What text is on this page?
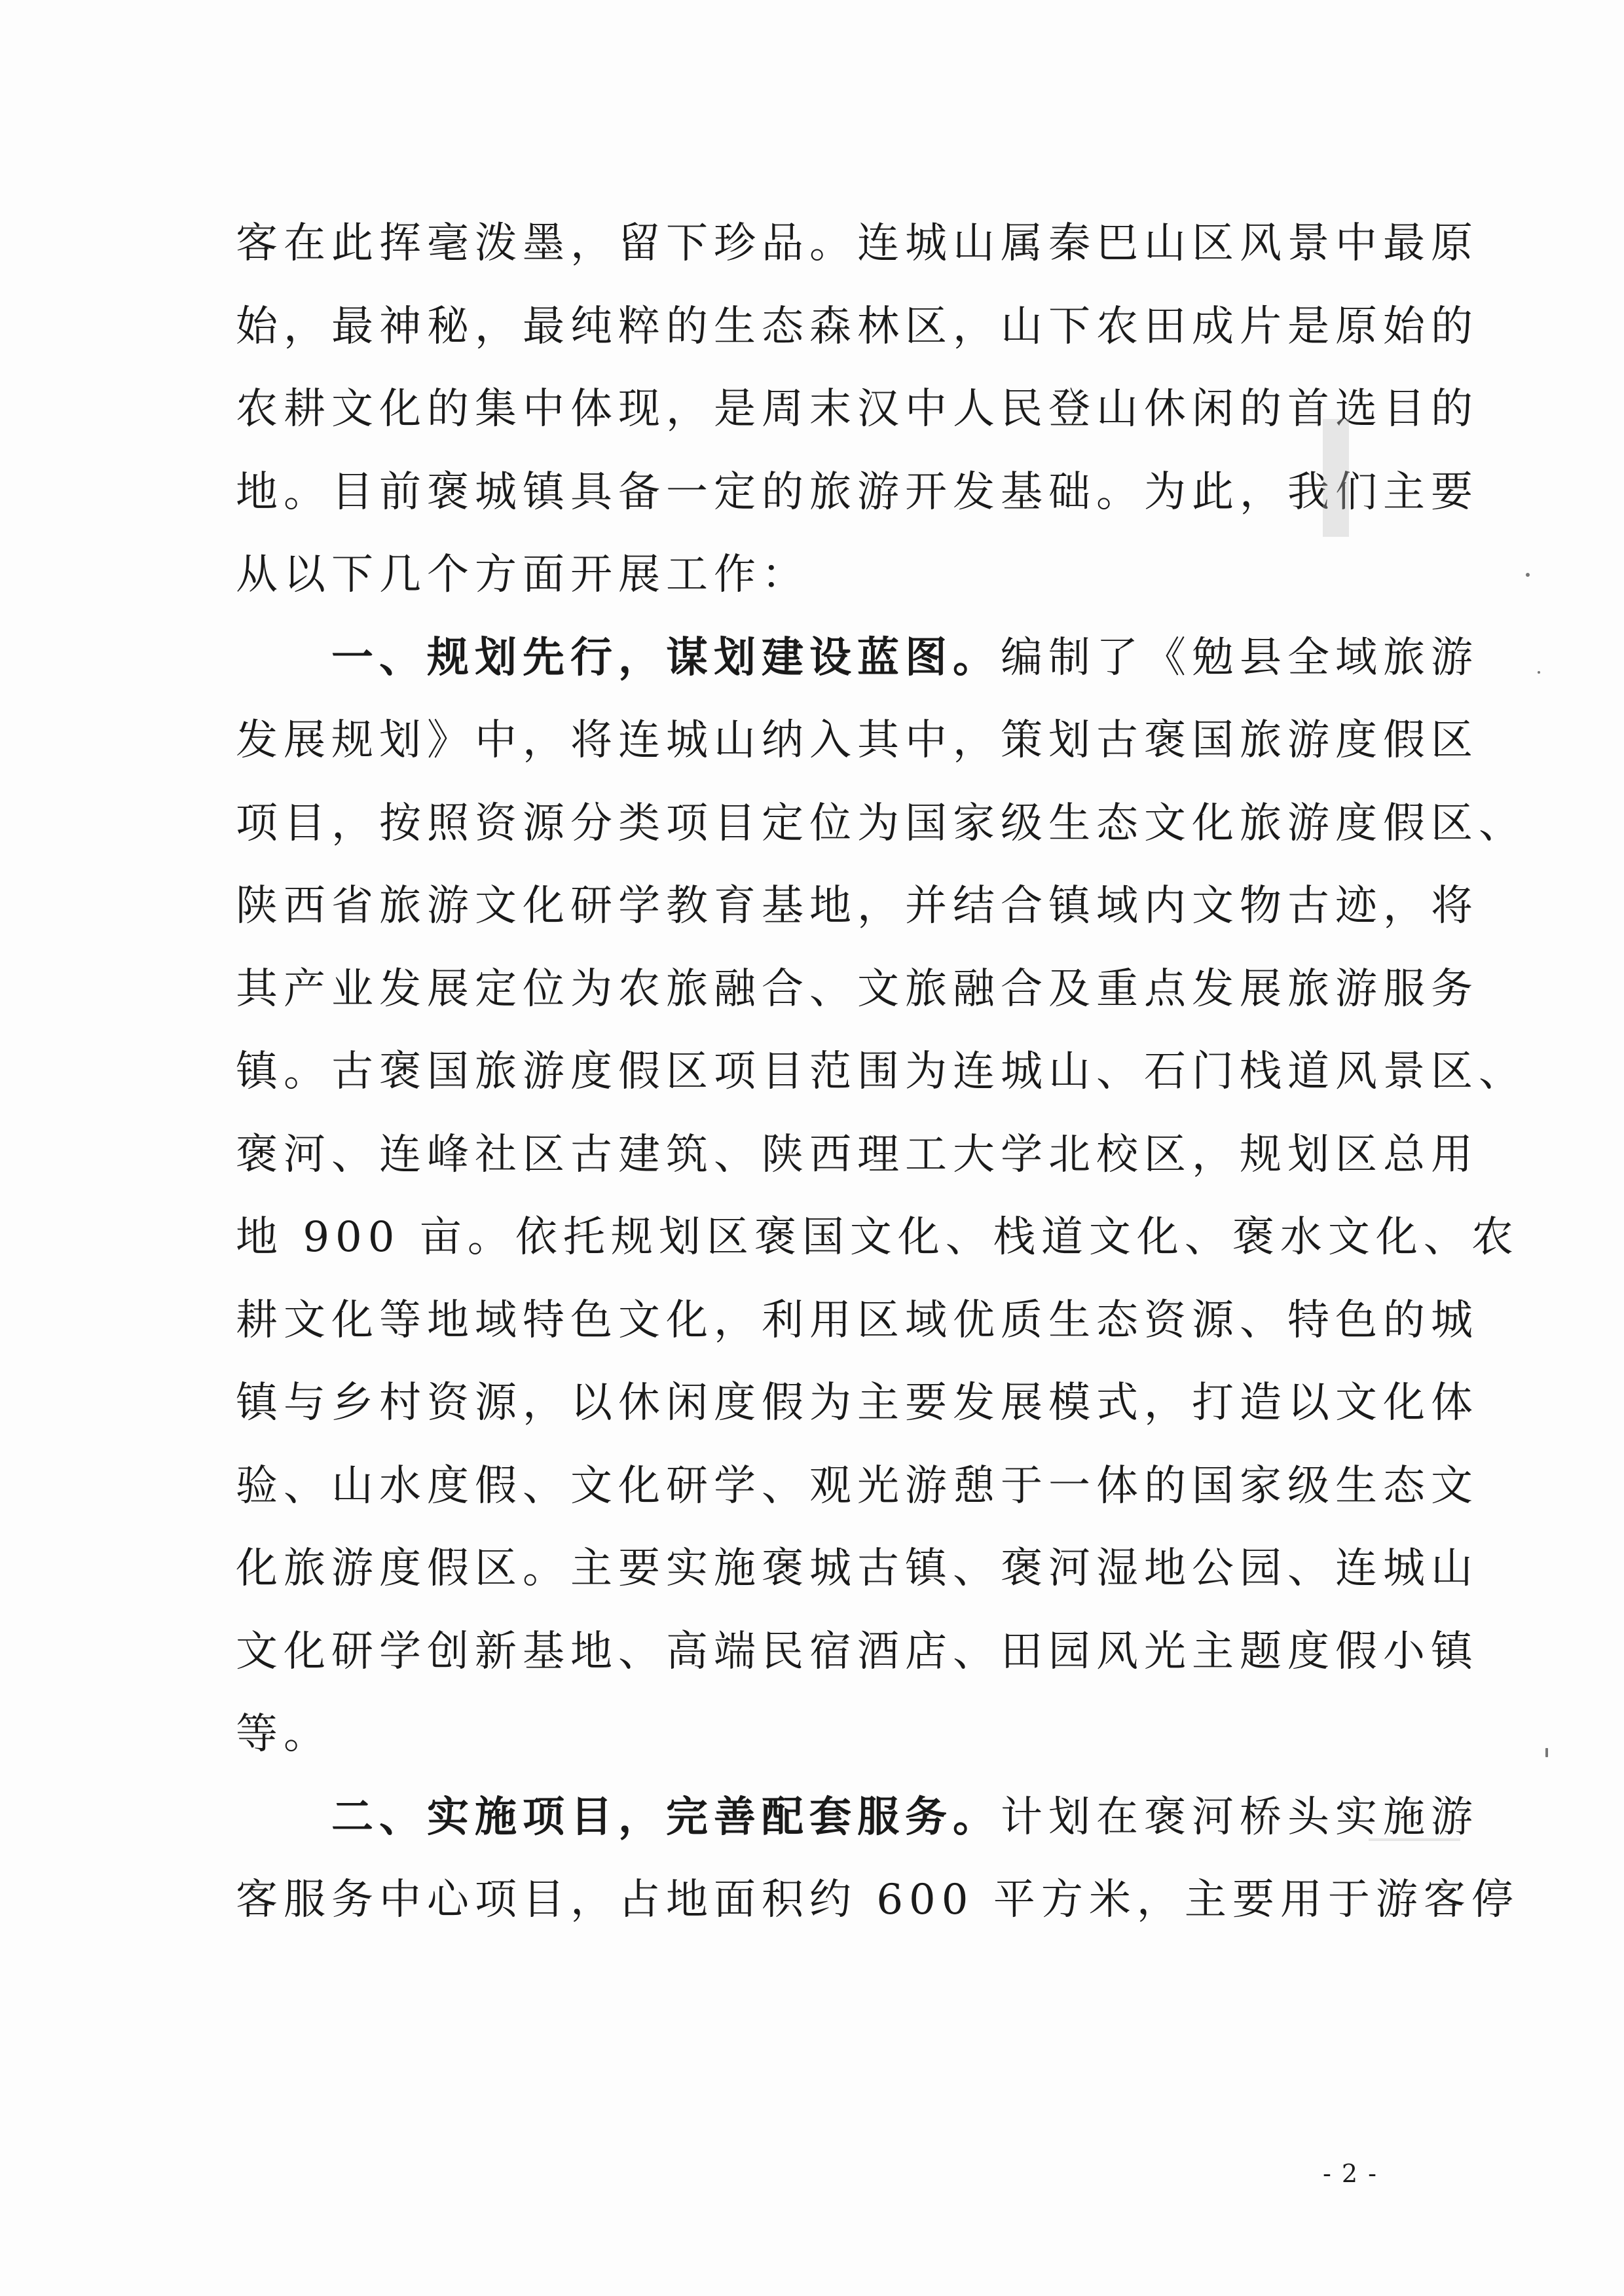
客在此挥毫泼墨，留下珍品。连城山属秦巴山区风景中最原
始，最神秘，最纯粹的生态森林区，山下农田成片是原始的
农耕文化的集中体现，是周末汉中人民登山休闲的首选目的
地。目前褒城镇具备一定的旅游开发基础。为此，我们主要
从以下几个方面开展工作：
　　一、规划先行，谋划建设蓝图。编制了《勉县全域旅游
发展规划》中，将连城山纳入其中，策划古褒国旅游度假区
项目，按照资源分类项目定位为国家级生态文化旅游度假区、
陕西省旅游文化研学教育基地，并结合镇域内文物古迹，将
其产业发展定位为农旅融合、文旅融合及重点发展旅游服务
镇。古褒国旅游度假区项目范围为连城山、石门栈道风景区、
褒河、连峰社区古建筑、陕西理工大学北校区，规划区总用
地 900 亩。依托规划区褒国文化、栈道文化、褒水文化、农
耕文化等地域特色文化，利用区域优质生态资源、特色的城
镇与乡村资源，以休闲度假为主要发展模式，打造以文化体
验、山水度假、文化研学、观光游憩于一体的国家级生态文
化旅游度假区。主要实施褒城古镇、褒河湿地公园、连城山
文化研学创新基地、高端民宿酒店、田园风光主题度假小镇
等。
　　二、实施项目，完善配套服务。计划在褒河桥头实施游
客服务中心项目，占地面积约 600 平方米，主要用于游客停
- 2 -
